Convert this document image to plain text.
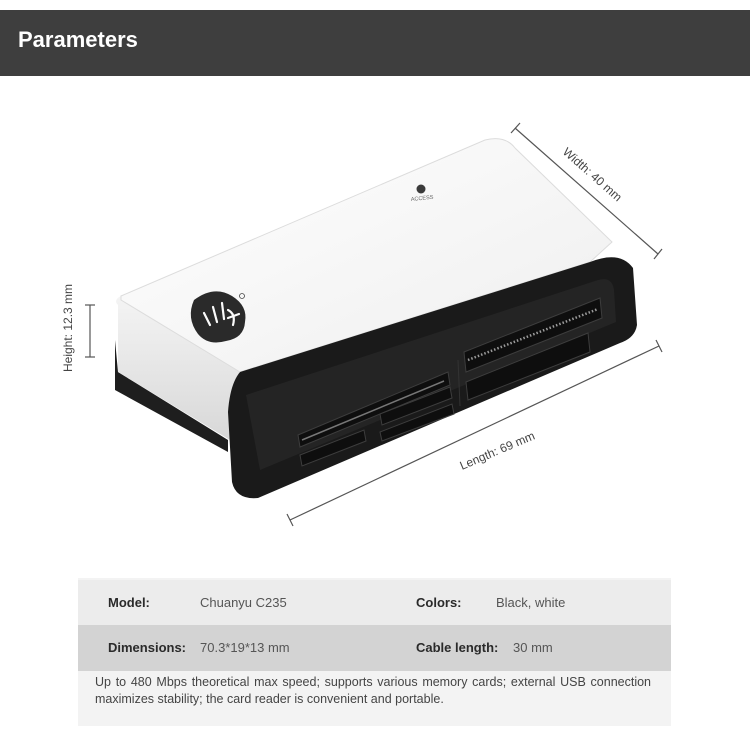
Parameters
Width: 40 mm
Height: 12.3 mm
Length: 69 mm
ACCESS
Model:	Chuanyu C235	Colors:	Black, white
Dimensions: 70.3*19*13 mm	Cable length: 30 mm
Up to 480 Mbps theoretical max speed; supports various memory cards; external USB connection maximizes stability; the card reader is convenient and portable.
